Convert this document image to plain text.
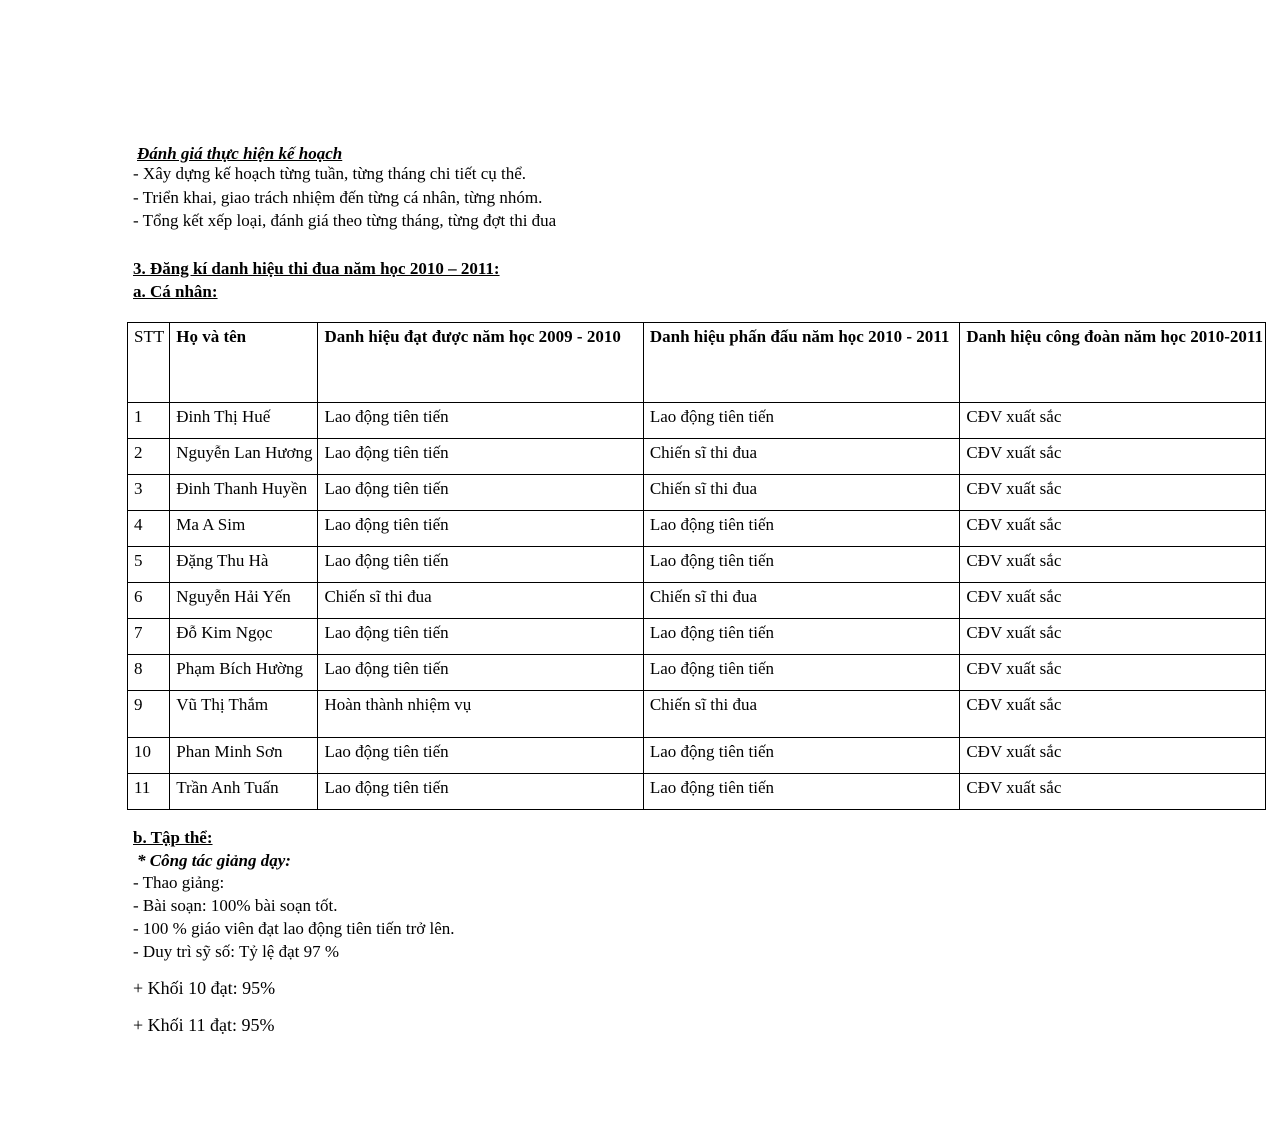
Đánh giá thực hiện kế hoạch
- Xây dựng kế hoạch từng tuần, từng tháng chi tiết cụ thể.
- Triển khai, giao trách nhiệm đến từng cá nhân, từng nhóm.
- Tổng kết xếp loại, đánh giá theo từng tháng, từng đợt thi đua
3. Đăng kí danh hiệu thi đua năm học 2010 – 2011:
a. Cá nhân:
STT	Họ và tên	Danh hiệu đạt được năm học 2009 - 2010	Danh hiệu phấn đấu năm học 2010 - 2011	Danh hiệu công đoàn năm học 2010-2011
1	Đinh Thị Huế	Lao động tiên tiến	Lao động tiên tiến	CĐV xuất sắc
2	Nguyễn Lan Hương	Lao động tiên tiến	Chiến sĩ thi đua	CĐV xuất sắc
3	Đinh Thanh Huyền	Lao động tiên tiến	Chiến sĩ thi đua	CĐV xuất sắc
4	Ma A Sim	Lao động tiên tiến	Lao động tiên tiến	CĐV xuất sắc
5	Đặng Thu Hà	Lao động tiên tiến	Lao động tiên tiến	CĐV xuất sắc
6	Nguyễn Hải Yến	Chiến sĩ thi đua	Chiến sĩ thi đua	CĐV xuất sắc
7	Đỗ Kim Ngọc	Lao động tiên tiến	Lao động tiên tiến	CĐV xuất sắc
8	Phạm Bích Hường	Lao động tiên tiến	Lao động tiên tiến	CĐV xuất sắc
9	Vũ Thị Thắm	Hoàn thành nhiệm vụ	Chiến sĩ thi đua	CĐV xuất sắc
10	Phan Minh Sơn	Lao động tiên tiến	Lao động tiên tiến	CĐV xuất sắc
11	Trần Anh Tuấn	Lao động tiên tiến	Lao động tiên tiến	CĐV xuất sắc
b. Tập thể:
* Công tác giảng dạy:
- Thao giảng:
- Bài soạn: 100% bài soạn tốt.
- 100 % giáo viên đạt lao động tiên tiến trở lên.
- Duy trì sỹ số: Tỷ lệ đạt 97 %
+ Khối 10 đạt: 95%
+ Khối 11 đạt: 95%
